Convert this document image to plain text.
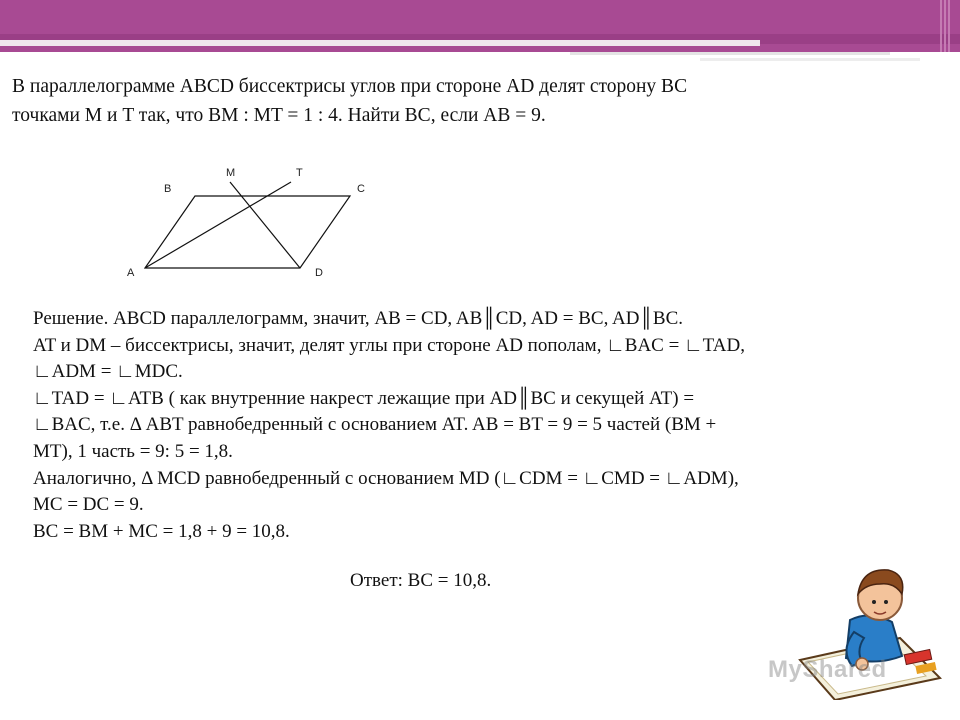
В параллелограмме ABCD биссектрисы углов при стороне AD делят сторону BC

точками M и T так, что BM : MT = 1 : 4. Найти BC, если AB = 9.

M	T
B	C
A	D

Решение. ABCD параллелограмм, значит, AB = CD, AB║CD, AD = BC, AD║BC.

AT и DM – биссектрисы, значит, делят углы при стороне AD пополам, ∟BAC = ∟TAD,

∟ADM = ∟MDC.

∟TAD = ∟ATB ( как внутренние накрест лежащие при AD║BC и секущей AT) =

∟BAC, т.е. Δ ABT равнобедренный с основанием AT. AB = BT = 9 = 5 частей (BM +

MT), 1 часть = 9: 5 = 1,8.

Аналогично, Δ MCD равнобедренный с основанием MD (∟CDM = ∟CMD = ∟ADM),

MC = DC = 9.

BC = BM + MC = 1,8 + 9 = 10,8.

Ответ: BC = 10,8.
MyShared
